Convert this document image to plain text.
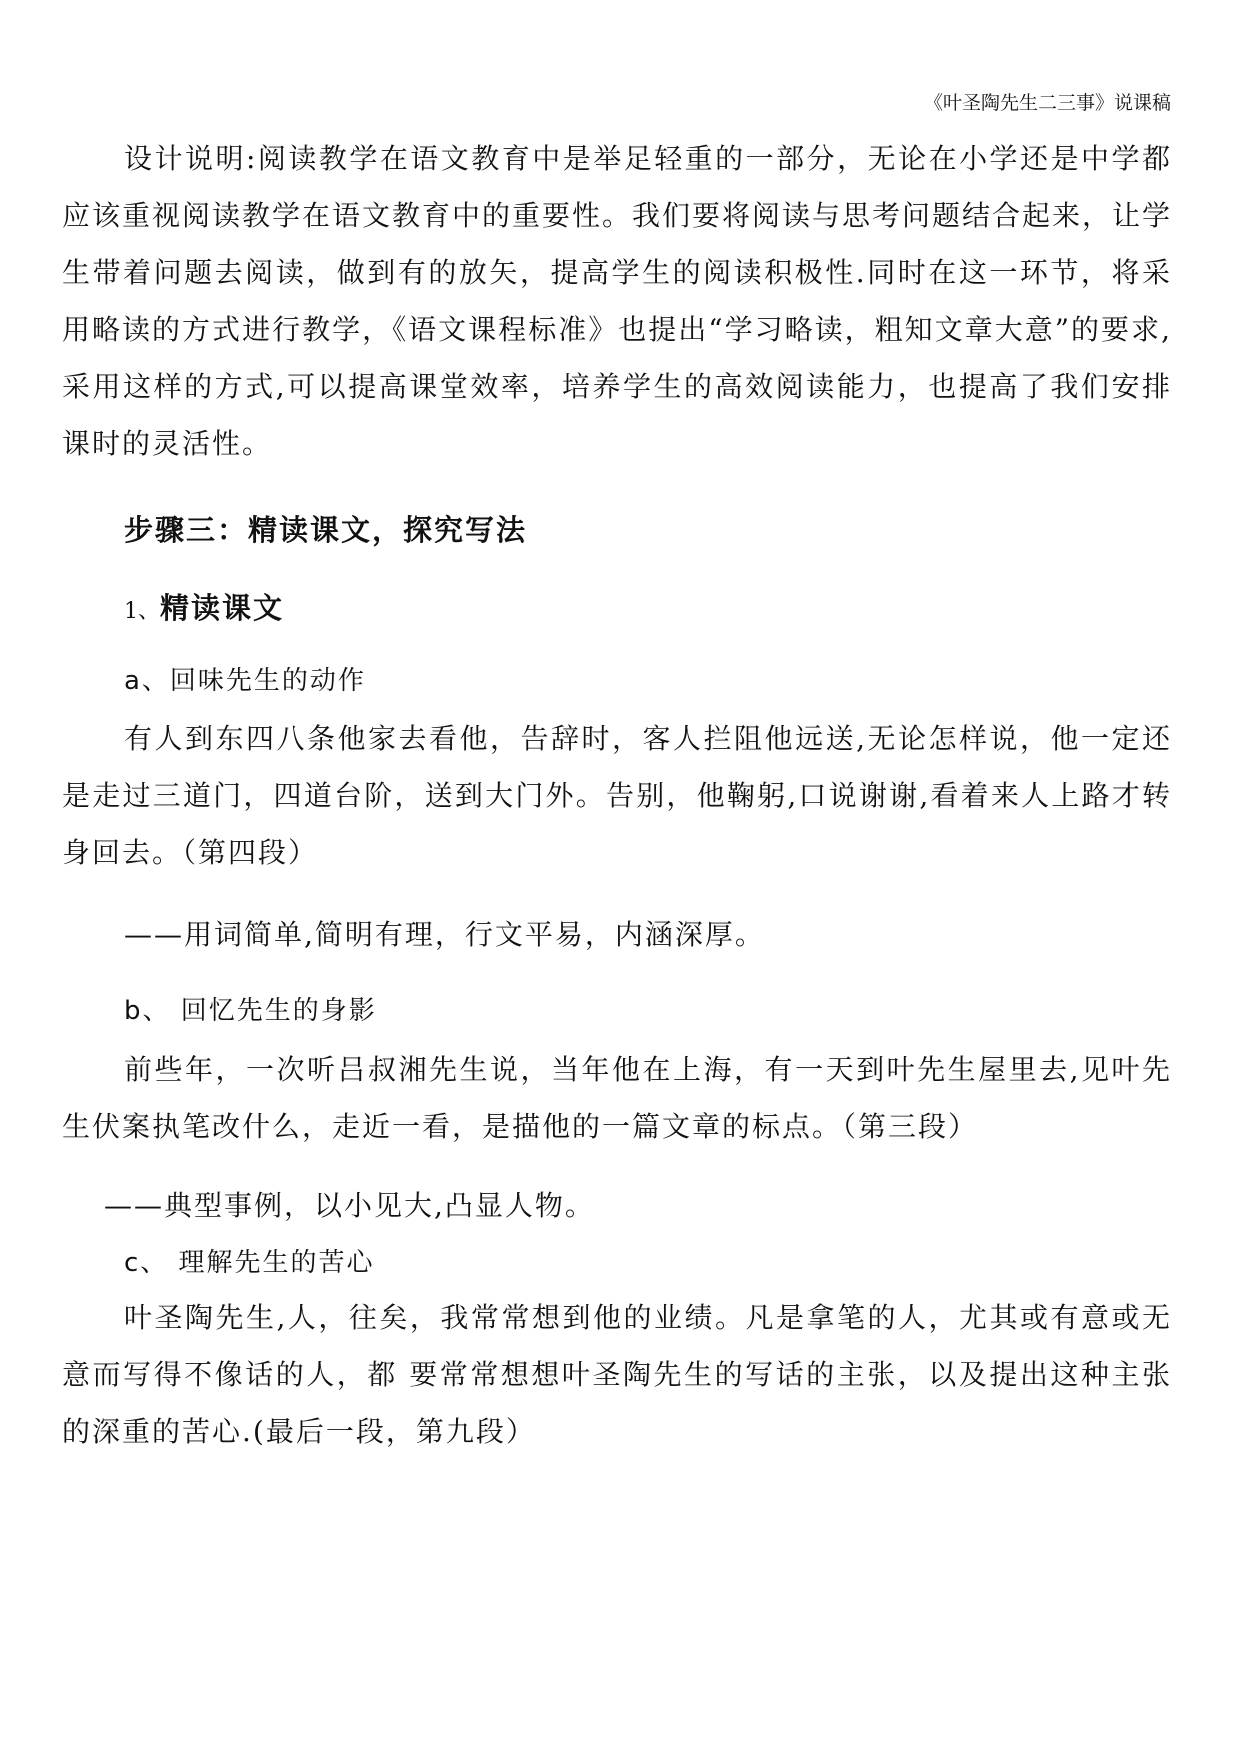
《叶圣陶先生二三事》说课稿
设计说明:阅读教学在语文教育中是举足轻重的一部分，无论在小学还是中学都应该重视阅读教学在语文教育中的重要性。我们要将阅读与思考问题结合起来，让学生带着问题去阅读，做到有的放矢，提高学生的阅读积极性.同时在这一环节，将采用略读的方式进行教学，《语文课程标准》也提出“学习略读，粗知文章大意”的要求,采用这样的方式,可以提高课堂效率，培养学生的高效阅读能力，也提高了我们安排课时的灵活性。
步骤三：精读课文，探究写法
1、精读课文
a、回味先生的动作
有人到东四八条他家去看他，告辞时，客人拦阻他远送,无论怎样说，他一定还是走过三道门，四道台阶，送到大门外。告别，他鞠躬,口说谢谢,看着来人上路才转身回去。（第四段）
——用词简单,简明有理，行文平易，内涵深厚。
b、 回忆先生的身影
前些年，一次听吕叔湘先生说，当年他在上海，有一天到叶先生屋里去,见叶先生伏案执笔改什么，走近一看，是描他的一篇文章的标点。（第三段）
——典型事例，以小见大,凸显人物。
c、 理解先生的苦心
叶圣陶先生,人，往矣，我常常想到他的业绩。凡是拿笔的人，尤其或有意或无意而写得不像话的人，都 要常常想想叶圣陶先生的写话的主张，以及提出这种主张的深重的苦心.(最后一段，第九段）
